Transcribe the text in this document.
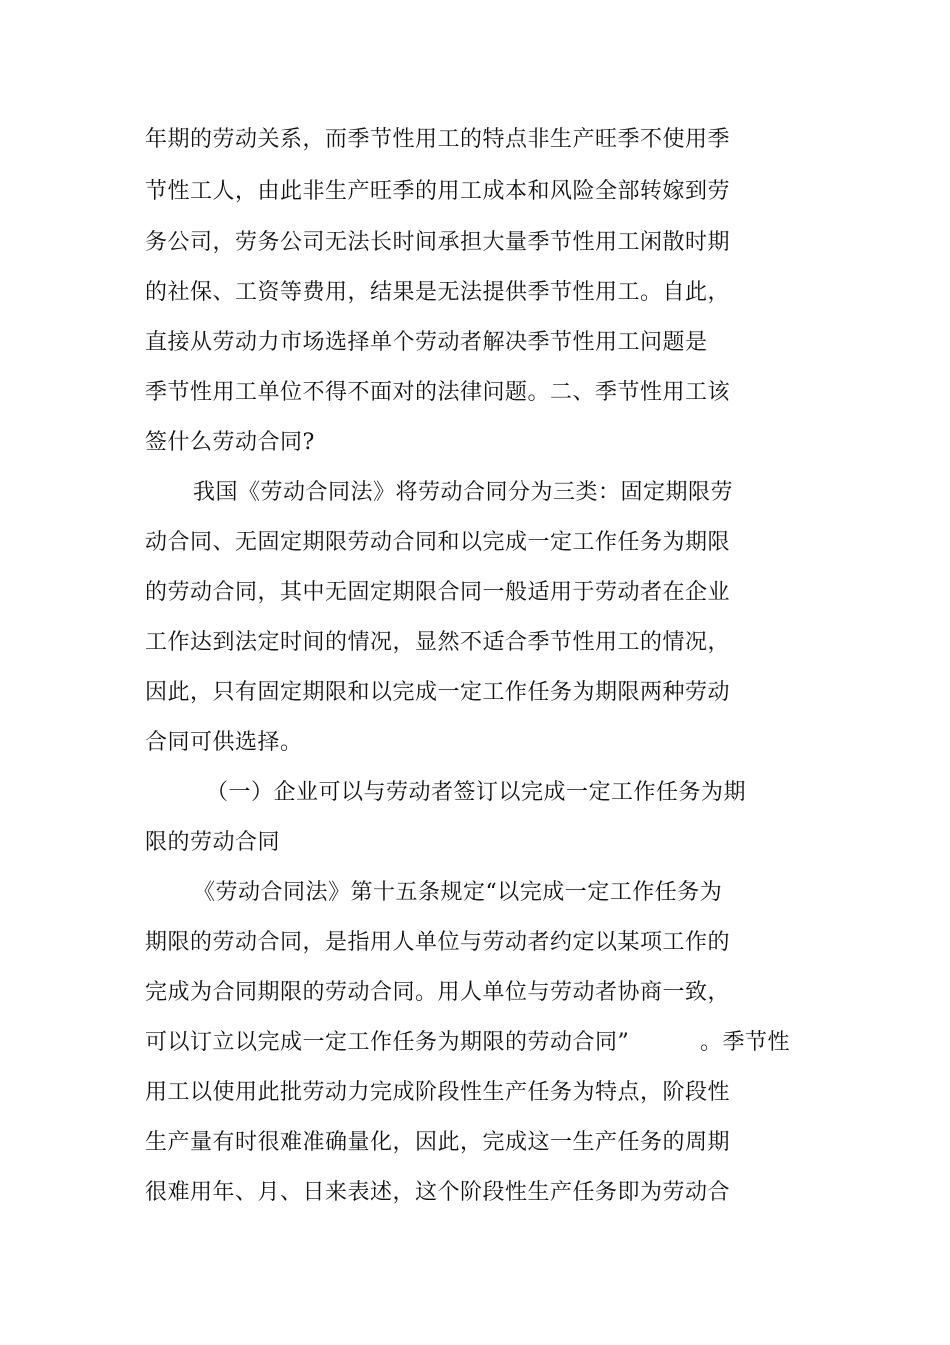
年期的劳动关系，而季节性用工的特点非生产旺季不使用季
节性工人，由此非生产旺季的用工成本和风险全部转嫁到劳
务公司，劳务公司无法长时间承担大量季节性用工闲散时期
的社保、工资等费用，结果是无法提供季节性用工。自此，
直接从劳动力市场选择单个劳动者解决季节性用工问题是
季节性用工单位不得不面对的法律问题。二、季节性用工该
签什么劳动合同?
我国《劳动合同法》将劳动合同分为三类：固定期限劳
动合同、无固定期限劳动合同和以完成一定工作任务为期限
的劳动合同，其中无固定期限合同一般适用于劳动者在企业
工作达到法定时间的情况，显然不适合季节性用工的情况，
因此，只有固定期限和以完成一定工作任务为期限两种劳动
合同可供选择。
（一）企业可以与劳动者签订以完成一定工作任务为期
限的劳动合同
《劳动合同法》第十五条规定“以完成一定工作任务为
期限的劳动合同，是指用人单位与劳动者约定以某项工作的
完成为合同期限的劳动合同。用人单位与劳动者协商一致，
可以订立以完成一定工作任务为期限的劳动合同”	。季节性
用工以使用此批劳动力完成阶段性生产任务为特点，阶段性
生产量有时很难准确量化，因此，完成这一生产任务的周期
很难用年、月、日来表述，这个阶段性生产任务即为劳动合
